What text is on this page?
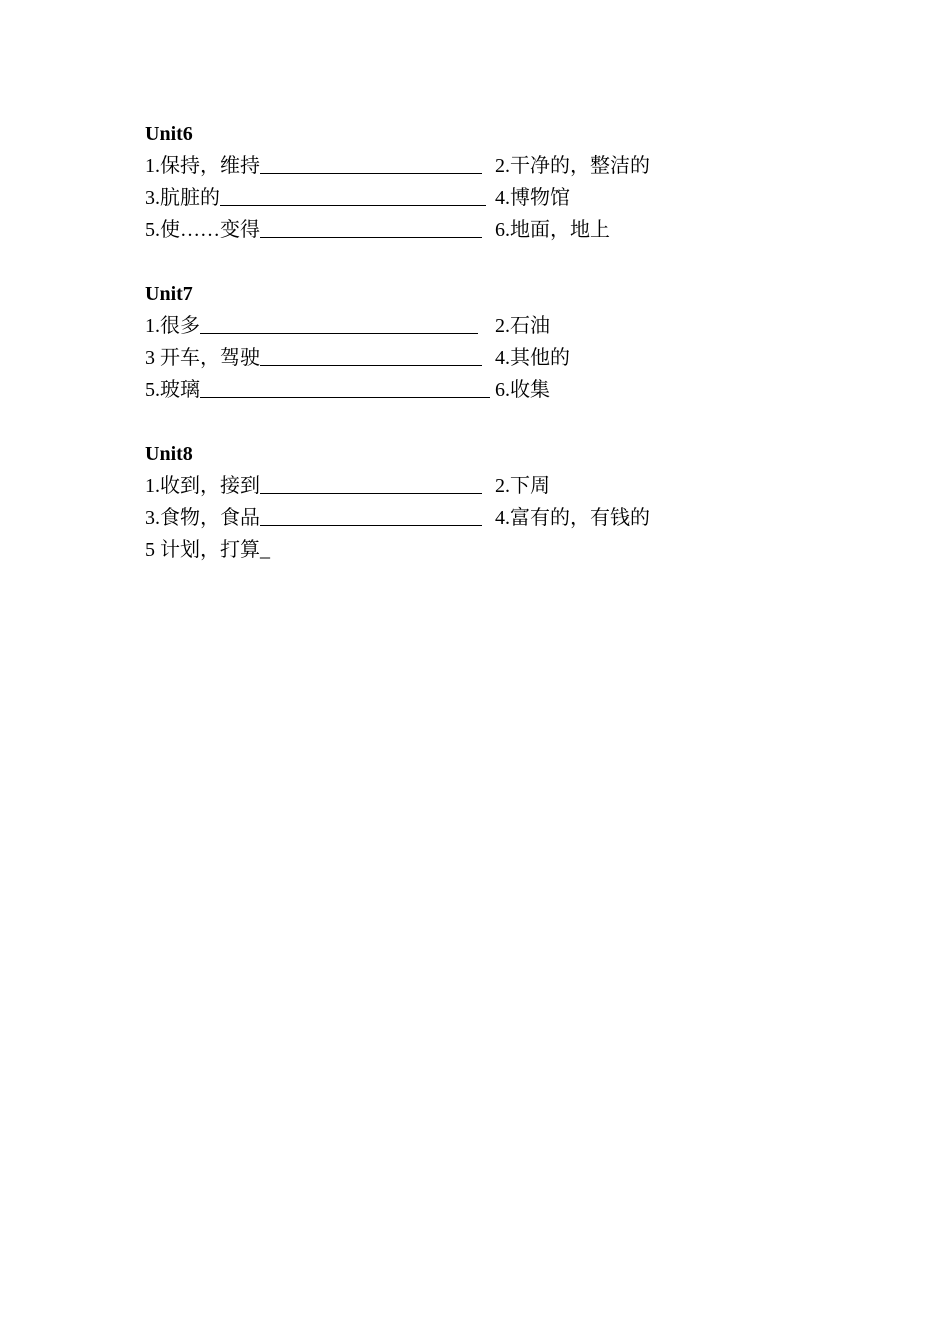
Unit6
1.保持，维持	2.干净的，整洁的
3.肮脏的	4.博物馆
5.使……变得	6.地面，地上
Unit7
1.很多	2.石油
3 开车，驾驶	4.其他的
5.玻璃	6.收集
Unit8
1.收到，接到	2.下周
3.食物，食品	4.富有的，有钱的
5 计划，打算_
